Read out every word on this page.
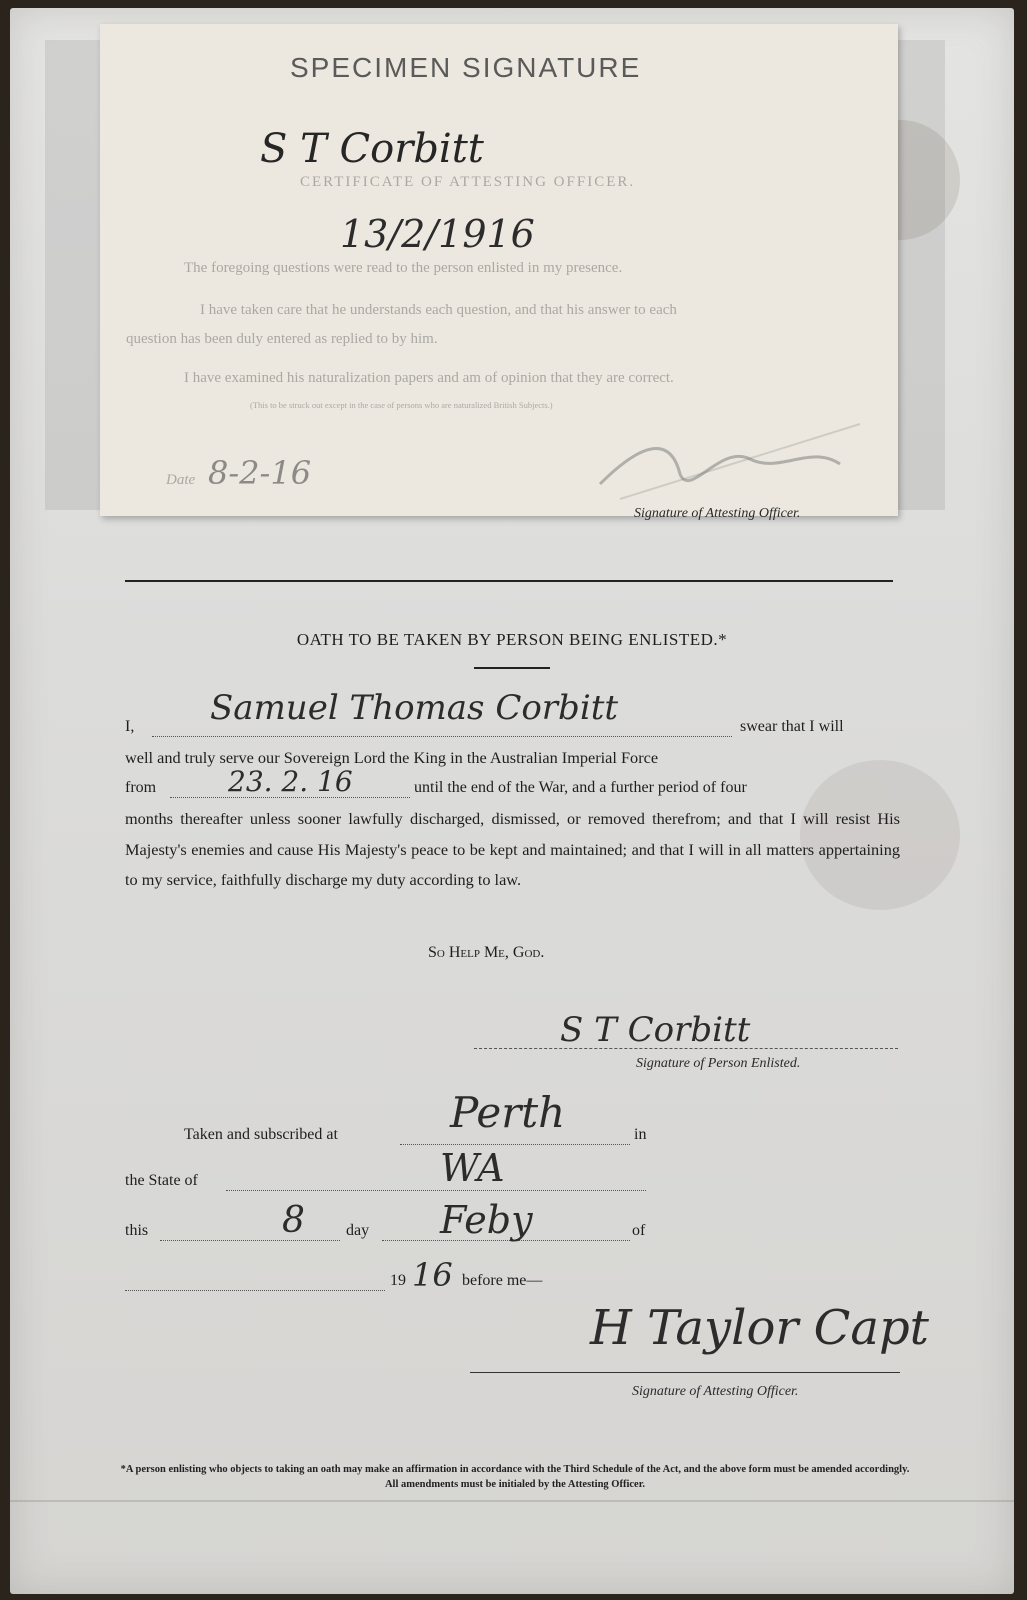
SPECIMEN SIGNATURE
S T Corbitt
CERTIFICATE OF ATTESTING OFFICER.
13/2/1916
The foregoing questions were read to the person enlisted in my presence.
I have taken care that he understands each question, and that his answer to each
question has been duly entered as replied to by him.
I have examined his naturalization papers and am of opinion that they are correct.
(This to be struck out except in the case of persons who are naturalized British Subjects.)
Date 8-2-16
Signature of Attesting Officer.
OATH TO BE TAKEN BY PERSON BEING ENLISTED.*
I, Samuel Thomas Corbitt	swear that I will
well and truly serve our Sovereign Lord the King in the Australian Imperial Force
from	23. 2. 16	until the end of the War, and a further period of four
months thereafter unless sooner lawfully discharged, dismissed, or removed therefrom; and that I will resist His Majesty's enemies and cause His Majesty's peace to be kept and maintained; and that I will in all matters appertaining to my service, faithfully discharge my duty according to law.
So Help Me, God.
S T Corbitt
Signature of Person Enlisted.
Taken and subscribed at	Perth	in
the State of	WA
this	8	day Feby	of
19 16 before me—
H Taylor Capt
Signature of Attesting Officer.
*A person enlisting who objects to taking an oath may make an affirmation in accordance with the Third Schedule of the Act, and the above form must be amended accordingly. All amendments must be initialed by the Attesting Officer.
